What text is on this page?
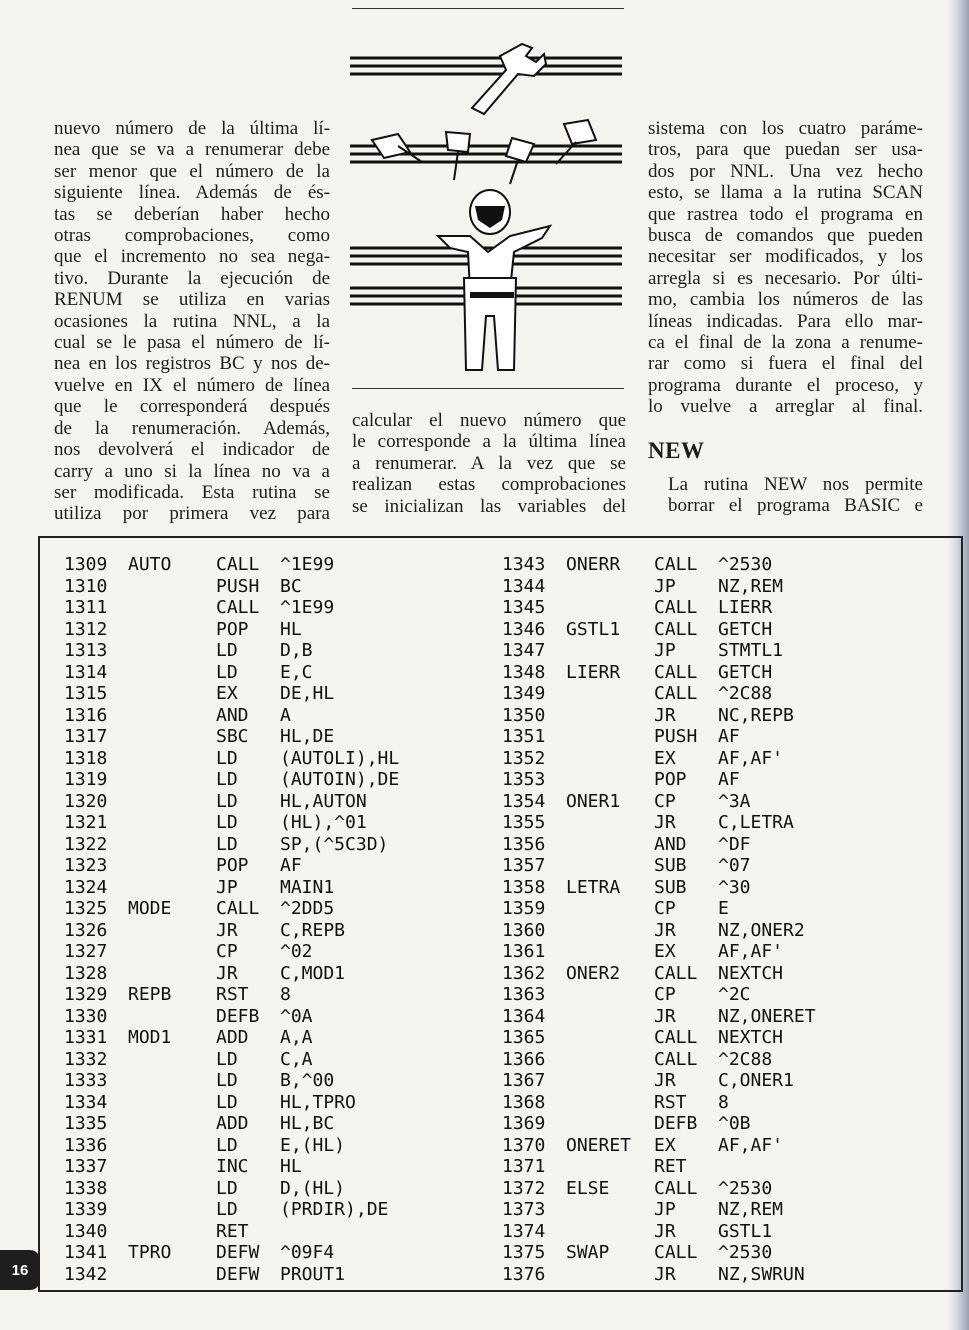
nuevo número de la última lí-
nea que se va a renumerar debe
ser menor que el número de la
siguiente línea. Además de és-
tas se deberían haber hecho
otras comprobaciones, como
que el incremento no sea nega-
tivo. Durante la ejecución de
RENUM se utiliza en varias
ocasiones la rutina NNL, a la
cual se le pasa el número de lí-
nea en los registros BC y nos de-
vuelve en IX el número de línea
que le corresponderá después
de la renumeración. Además,
nos devolverá el indicador de
carry a uno si la línea no va a
ser modificada. Esta rutina se
utiliza por primera vez para
calcular el nuevo número que
le corresponde a la última línea
a renumerar. A la vez que se
realizan estas comprobaciones
se inicializan las variables del
sistema con los cuatro paráme-
tros, para que puedan ser usa-
dos por NNL. Una vez hecho
esto, se llama a la rutina SCAN
que rastrea todo el programa en
busca de comandos que pueden
necesitar ser modificados, y los
arregla si es necesario. Por últi-
mo, cambia los números de las
líneas indicadas. Para ello mar-
ca el final de la zona a renume-
rar como si fuera el final del
programa durante el proceso, y
lo vuelve a arreglar al final.
NEW
La rutina NEW nos permite
borrar el programa BASIC e
1309 AUTO CALL ^1E99
1310	PUSH BC
1311	CALL ^1E99
1312	POP HL
1313	LD D,B
1314	LD E,C
1315	EX DE,HL
1316	AND A
1317	SBC HL,DE
1318	LD (AUTOLI),HL
1319	LD (AUTOIN),DE
1320	LD HL,AUTON
1321	LD (HL),^01
1322	LD SP,(^5C3D)
1323	POP AF
1324	JP MAIN1
1325 MODE CALL ^2DD5
1326	JR C,REPB
1327	CP ^02
1328	JR C,MOD1
1329 REPB RST 8
1330	DEFB ^0A
1331 MOD1 ADD A,A
1332	LD C,A
1333	LD B,^00
1334	LD HL,TPRO
1335	ADD HL,BC
1336	LD E,(HL)
1337	INC HL
1338	LD D,(HL)
1339	LD (PRDIR),DE
1340	RET
1341 TPRO DEFW ^09F4
1342	DEFW PROUT1
1343 ONERR CALL ^2530
1344	JP NZ,REM
1345	CALL LIERR
1346 GSTL1 CALL GETCH
1347	JP STMTL1
1348 LIERR CALL GETCH
1349	CALL ^2C88
1350	JR NC,REPB
1351	PUSH AF
1352	EX AF,AF'
1353	POP AF
1354 ONER1 CP ^3A
1355	JR C,LETRA
1356	AND ^DF
1357	SUB ^07
1358 LETRA SUB ^30
1359	CP E
1360	JR NZ,ONER2
1361	EX AF,AF'
1362 ONER2 CALL NEXTCH
1363	CP ^2C
1364	JR NZ,ONERET
1365	CALL NEXTCH
1366	CALL ^2C88
1367	JR C,ONER1
1368	RST 8
1369	DEFB ^0B
1370 ONERET EX AF,AF'
1371	RET
1372 ELSE CALL ^2530
1373	JP NZ,REM
1374	JR GSTL1
1375 SWAP CALL ^2530
1376	JR NZ,SWRUN
16
